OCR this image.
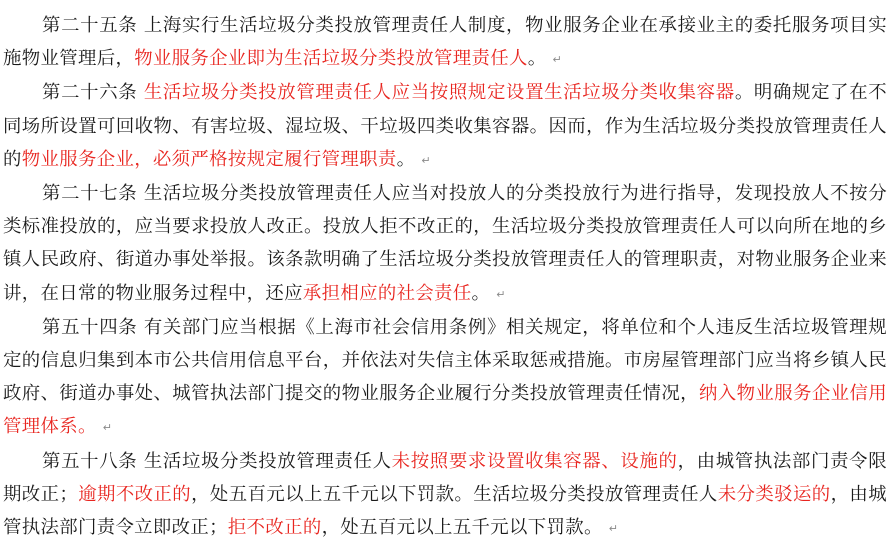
第二十五条 上海实行生活垃圾分类投放管理责任人制度，物业服务企业在承接业主的委托服务项目实施物业管理后，物业服务企业即为生活垃圾分类投放管理责任人。 ↵

第二十六条 生活垃圾分类投放管理责任人应当按照规定设置生活垃圾分类收集容器。明确规定了在不同场所设置可回收物、有害垃圾、湿垃圾、干垃圾四类收集容器。因而，作为生活垃圾分类投放管理责任人的物业服务企业，必须严格按规定履行管理职责。 ↵

第二十七条 生活垃圾分类投放管理责任人应当对投放人的分类投放行为进行指导，发现投放人不按分类标准投放的，应当要求投放人改正。投放人拒不改正的，生活垃圾分类投放管理责任人可以向所在地的乡镇人民政府、街道办事处举报。该条款明确了生活垃圾分类投放管理责任人的管理职责，对物业服务企业来讲，在日常的物业服务过程中，还应承担相应的社会责任。 ↵

第五十四条 有关部门应当根据《上海市社会信用条例》相关规定，将单位和个人违反生活垃圾管理规定的信息归集到本市公共信用信息平台，并依法对失信主体采取惩戒措施。市房屋管理部门应当将乡镇人民政府、街道办事处、城管执法部门提交的物业服务企业履行分类投放管理责任情况，纳入物业服务企业信用管理体系。 ↵

第五十八条 生活垃圾分类投放管理责任人未按照要求设置收集容器、设施的，由城管执法部门责令限期改正；逾期不改正的，处五百元以上五千元以下罚款。生活垃圾分类投放管理责任人未分类驳运的，由城管执法部门责令立即改正；拒不改正的，处五百元以上五千元以下罚款。 ↵
